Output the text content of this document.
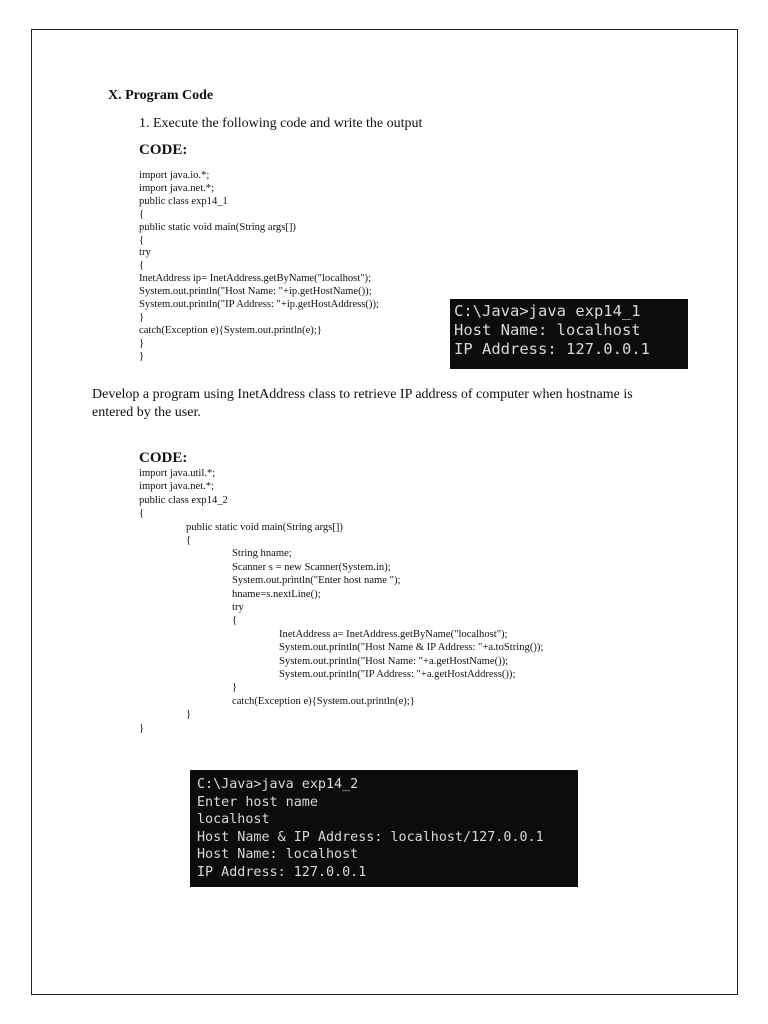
X. Program Code
1. Execute the following code and write the output
CODE:
import java.io.*;
import java.net.*;
public class exp14_1
{
public static void main(String args[])
{
try
{
InetAddress ip= InetAddress.getByName("localhost");
System.out.println("Host Name: "+ip.getHostName());
System.out.println("IP Address: "+ip.getHostAddress());
}
catch(Exception e){System.out.println(e);}
}
}
C:\Java>java exp14_1
Host Name: localhost
IP Address: 127.0.0.1
Develop a program using InetAddress class to retrieve IP address of computer when hostname is entered by the user.
CODE:
import java.util.*;
import java.net.*;
public class exp14_2
{
public static void main(String args[])
{
String hname;
Scanner s = new Scanner(System.in);
System.out.println("Enter host name ");
hname=s.nextLine();
try
{
InetAddress a= InetAddress.getByName("localhost");
System.out.println("Host Name & IP Address: "+a.toString());
System.out.println("Host Name: "+a.getHostName());
System.out.println("IP Address: "+a.getHostAddress());
}
catch(Exception e){System.out.println(e);}
}
}
C:\Java>java exp14_2
Enter host name
localhost
Host Name & IP Address: localhost/127.0.0.1
Host Name: localhost
IP Address: 127.0.0.1
